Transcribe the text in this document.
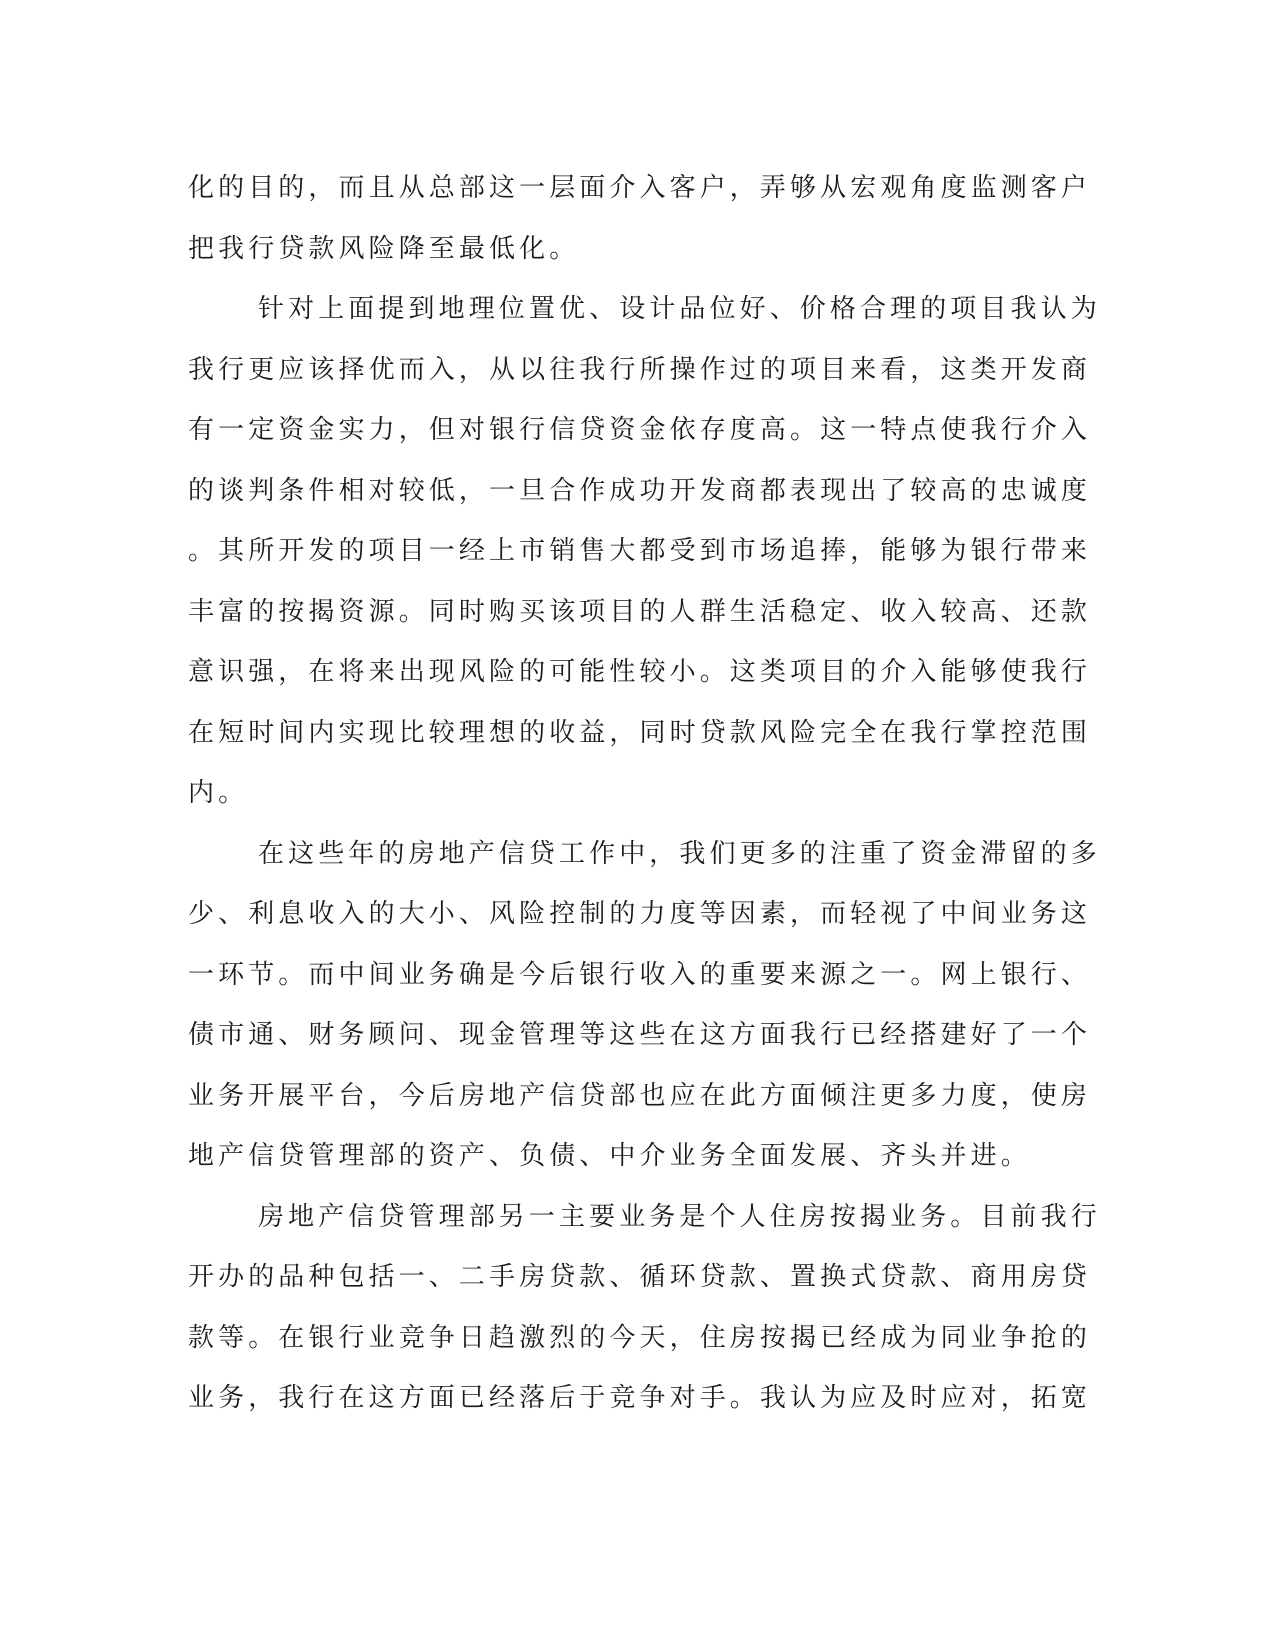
化的目的，而且从总部这一层面介入客户，弄够从宏观角度监测客户
把我行贷款风险降至最低化。
针对上面提到地理位置优、设计品位好、价格合理的项目我认为
我行更应该择优而入，从以往我行所操作过的项目来看，这类开发商
有一定资金实力，但对银行信贷资金依存度高。这一特点使我行介入
的谈判条件相对较低，一旦合作成功开发商都表现出了较高的忠诚度
。其所开发的项目一经上市销售大都受到市场追捧，能够为银行带来
丰富的按揭资源。同时购买该项目的人群生活稳定、收入较高、还款
意识强，在将来出现风险的可能性较小。这类项目的介入能够使我行
在短时间内实现比较理想的收益，同时贷款风险完全在我行掌控范围
内。
在这些年的房地产信贷工作中，我们更多的注重了资金滞留的多
少、利息收入的大小、风险控制的力度等因素，而轻视了中间业务这
一环节。而中间业务确是今后银行收入的重要来源之一。网上银行、
债市通、财务顾问、现金管理等这些在这方面我行已经搭建好了一个
业务开展平台，今后房地产信贷部也应在此方面倾注更多力度，使房
地产信贷管理部的资产、负债、中介业务全面发展、齐头并进。
房地产信贷管理部另一主要业务是个人住房按揭业务。目前我行
开办的品种包括一、二手房贷款、循环贷款、置换式贷款、商用房贷
款等。在银行业竞争日趋激烈的今天，住房按揭已经成为同业争抢的
业务，我行在这方面已经落后于竞争对手。我认为应及时应对，拓宽
